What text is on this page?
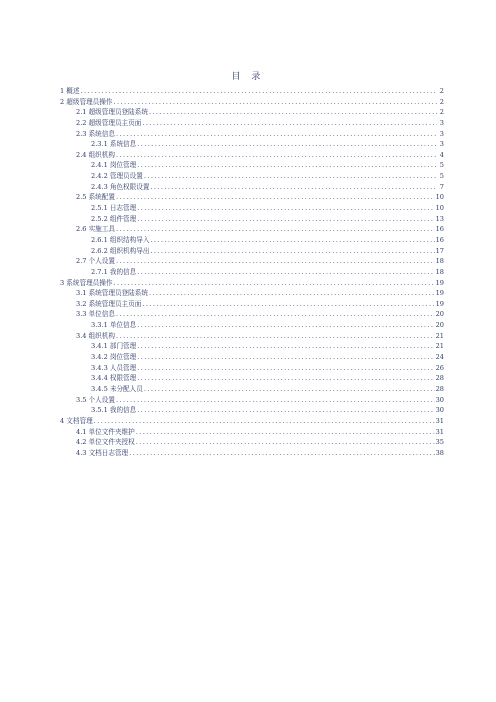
目 录
1 概述 .....	2
2 超级管理员操作 .....	2
2.1 超级管理员登陆系统 .....	2
2.2 超级管理员主页面 .....	3
2.3 系统信息 .....	3
2.3.1 系统信息 .....	3
2.4 组织机构 .....	4
2.4.1 岗位管理 .....	5
2.4.2 管理员设置 .....	5
2.4.3 角色权限设置 .....	7
2.5 系统配置 .....	10
2.5.1 日志管理 .....	10
2.5.2 组件管理 .....	13
2.6 实施工具 .....	16
2.6.1 组织结构导入 .....	16
2.6.2 组织机构导出 .....	17
2.7 个人设置 .....	18
2.7.1 我的信息 .....	18
3 系统管理员操作 .....	19
3.1 系统管理员登陆系统 .....	19
3.2 系统管理员主页面 .....	19
3.3 单位信息 .....	20
3.3.1 单位信息 .....	20
3.4 组织机构 .....	21
3.4.1 部门管理 .....	21
3.4.2 岗位管理 .....	24
3.4.3 人员管理 .....	26
3.4.4 权限管理 .....	28
3.4.5 未分配人员 .....	28
3.5 个人设置 .....	30
3.5.1 我的信息 .....	30
4 文档管理 .....	31
4.1 单位文件夹维护 .....	31
4.2 单位文件夹授权 .....	35
4.3 文档日志管理 .....	38
